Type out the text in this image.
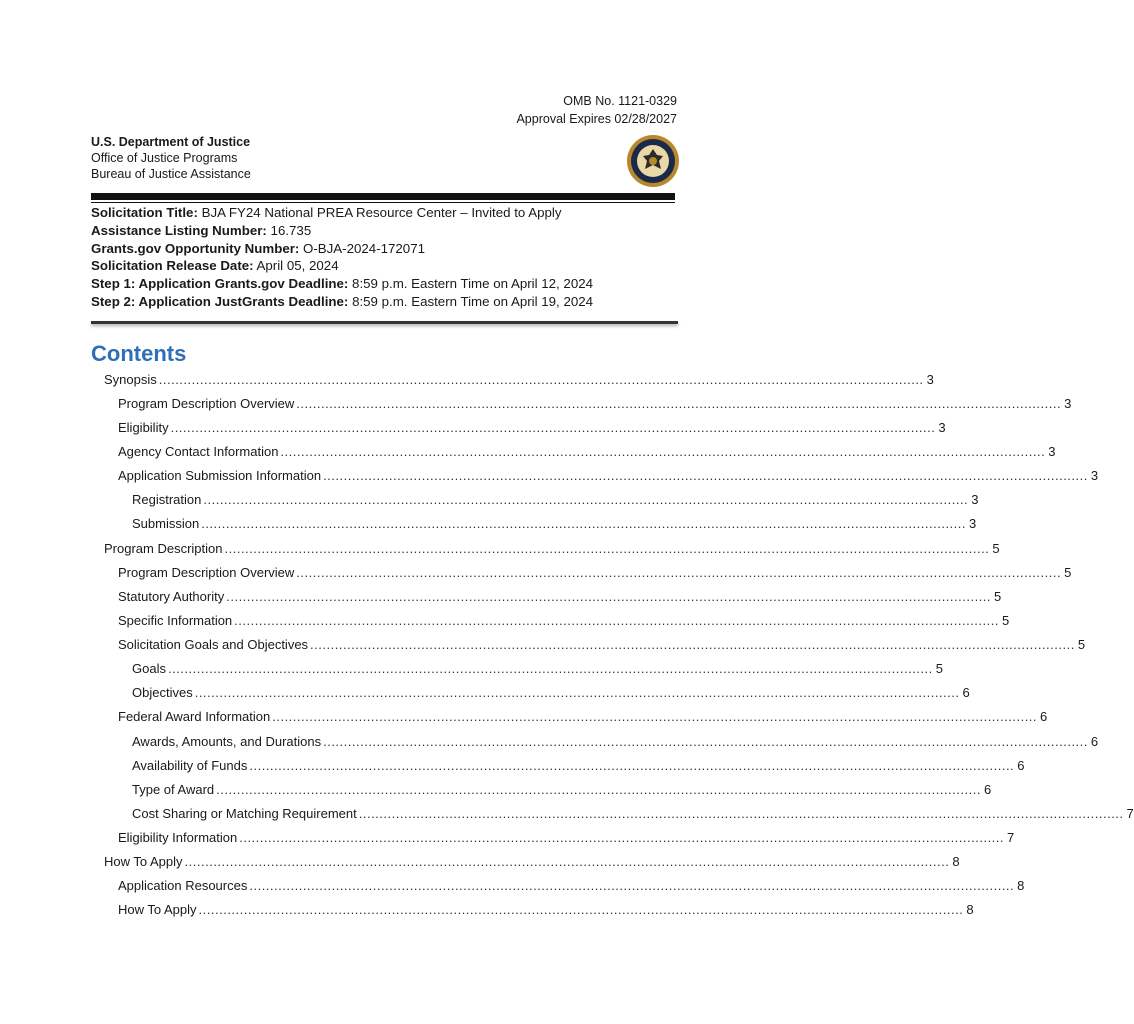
OMB No. 1121-0329
Approval Expires 02/28/2027
U.S. Department of Justice
Office of Justice Programs
Bureau of Justice Assistance
Solicitation Title: BJA FY24 National PREA Resource Center – Invited to Apply
Assistance Listing Number: 16.735
Grants.gov Opportunity Number: O-BJA-2024-172071
Solicitation Release Date: April 05, 2024
Step 1: Application Grants.gov Deadline: 8:59 p.m. Eastern Time on April 12, 2024
Step 2: Application JustGrants Deadline: 8:59 p.m. Eastern Time on April 19, 2024
Contents
Synopsis .......................................................................................................................................................................................... 3
Program Description Overview .......................................................................................................................................................................................... 3
Eligibility .......................................................................................................................................................................................... 3
Agency Contact Information .......................................................................................................................................................................................... 3
Application Submission Information .......................................................................................................................................................................................... 3
Registration .......................................................................................................................................................................................... 3
Submission .......................................................................................................................................................................................... 3
Program Description .......................................................................................................................................................................................... 5
Program Description Overview .......................................................................................................................................................................................... 5
Statutory Authority .......................................................................................................................................................................................... 5
Specific Information .......................................................................................................................................................................................... 5
Solicitation Goals and Objectives .......................................................................................................................................................................................... 5
Goals .......................................................................................................................................................................................... 5
Objectives .......................................................................................................................................................................................... 6
Federal Award Information .......................................................................................................................................................................................... 6
Awards, Amounts, and Durations .......................................................................................................................................................................................... 6
Availability of Funds .......................................................................................................................................................................................... 6
Type of Award .......................................................................................................................................................................................... 6
Cost Sharing or Matching Requirement .......................................................................................................................................................................................... 7
Eligibility Information .......................................................................................................................................................................................... 7
How To Apply .......................................................................................................................................................................................... 8
Application Resources .......................................................................................................................................................................................... 8
How To Apply .......................................................................................................................................................................................... 8
